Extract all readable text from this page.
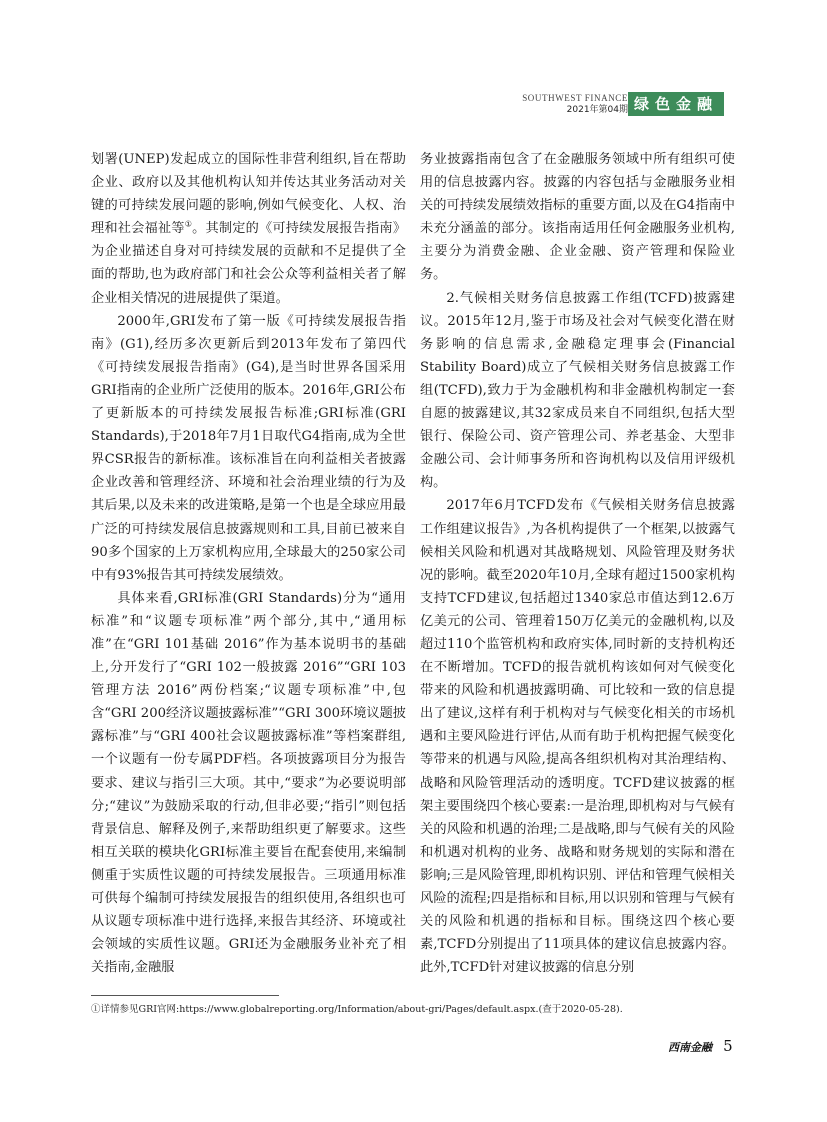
SOUTHWEST FINANCE
2021年第04期 绿色金融

划署(UNEP)发起成立的国际性非营利组织,旨在帮助企业、政府以及其他机构认知并传达其业务活动对关键的可持续发展问题的影响,例如气候变化、人权、治理和社会福祉等①。其制定的《可持续发展报告指南》为企业描述自身对可持续发展的贡献和不足提供了全面的帮助,也为政府部门和社会公众等利益相关者了解企业相关情况的进展提供了渠道。

2000年,GRI发布了第一版《可持续发展报告指南》(G1),经历多次更新后到2013年发布了第四代《可持续发展报告指南》(G4),是当时世界各国采用GRI指南的企业所广泛使用的版本。2016年,GRI公布了更新版本的可持续发展报告标准;GRI标准(GRI Standards),于2018年7月1日取代G4指南,成为全世界CSR报告的新标准。该标准旨在向利益相关者披露企业改善和管理经济、环境和社会治理业绩的行为及其后果,以及未来的改进策略,是第一个也是全球应用最广泛的可持续发展信息披露规则和工具,目前已被来自90多个国家的上万家机构应用,全球最大的250家公司中有93%报告其可持续发展绩效。

具体来看,GRI标准(GRI Standards)分为“通用标准”和“议题专项标准”两个部分,其中,“通用标准”在“GRI 101基础 2016”作为基本说明书的基础上,分开发行了“GRI 102一般披露 2016”“GRI 103管理方法 2016”两份档案;“议题专项标准”中,包含“GRI 200经济议题披露标准”“GRI 300环境议题披露标准”与“GRI 400社会议题披露标准”等档案群组,一个议题有一份专属PDF档。各项披露项目分为报告要求、建议与指引三大项。其中,“要求”为必要说明部分;“建议”为鼓励采取的行动,但非必要;“指引”则包括背景信息、解释及例子,来帮助组织更了解要求。这些相互关联的模块化GRI标准主要旨在配套使用,来编制侧重于实质性议题的可持续发展报告。三项通用标准可供每个编制可持续发展报告的组织使用,各组织也可从议题专项标准中进行选择,来报告其经济、环境或社会领域的实质性议题。GRI还为金融服务业补充了相关指南,金融服

务业披露指南包含了在金融服务领域中所有组织可使用的信息披露内容。披露的内容包括与金融服务业相关的可持续发展绩效指标的重要方面,以及在G4指南中未充分涵盖的部分。该指南适用任何金融服务业机构,主要分为消费金融、企业金融、资产管理和保险业务。

2.气候相关财务信息披露工作组(TCFD)披露建议。2015年12月,鉴于市场及社会对气候变化潜在财务影响的信息需求,金融稳定理事会(Financial Stability Board)成立了气候相关财务信息披露工作组(TCFD),致力于为金融机构和非金融机构制定一套自愿的披露建议,其32家成员来自不同组织,包括大型银行、保险公司、资产管理公司、养老基金、大型非金融公司、会计师事务所和咨询机构以及信用评级机构。

2017年6月TCFD发布《气候相关财务信息披露工作组建议报告》,为各机构提供了一个框架,以披露气候相关风险和机遇对其战略规划、风险管理及财务状况的影响。截至2020年10月,全球有超过1500家机构支持TCFD建议,包括超过1340家总市值达到12.6万亿美元的公司、管理着150万亿美元的金融机构,以及超过110个监管机构和政府实体,同时新的支持机构还在不断增加。TCFD的报告就机构该如何对气候变化带来的风险和机遇披露明确、可比较和一致的信息提出了建议,这样有利于机构对与气候变化相关的市场机遇和主要风险进行评估,从而有助于机构把握气候变化等带来的机遇与风险,提高各组织机构对其治理结构、战略和风险管理活动的透明度。TCFD建议披露的框架主要围绕四个核心要素:一是治理,即机构对与气候有关的风险和机遇的治理;二是战略,即与气候有关的风险和机遇对机构的业务、战略和财务规划的实际和潜在影响;三是风险管理,即机构识别、评估和管理气候相关风险的流程;四是指标和目标,用以识别和管理与气候有关的风险和机遇的指标和目标。围绕这四个核心要素,TCFD分别提出了11项具体的建议信息披露内容。此外,TCFD针对建议披露的信息分别

①详情参见GRI官网:https://www.globalreporting.org/Information/about-gri/Pages/default.aspx.(查于2020-05-28).
西南金融 5
